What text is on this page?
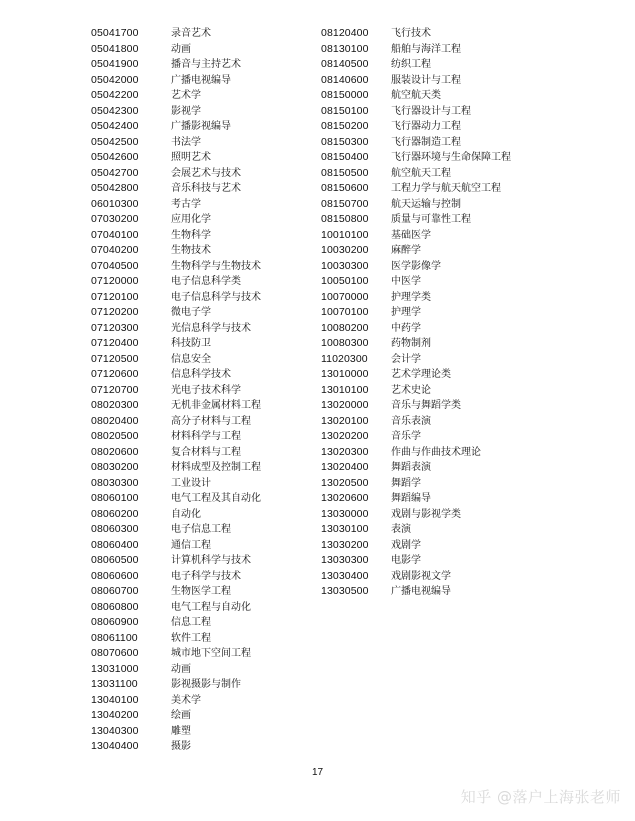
05041700	录音艺术
05041800	动画
05041900	播音与主持艺术
05042000	广播电视编导
05042200	艺术学
05042300	影视学
05042400	广播影视编导
05042500	书法学
05042600	照明艺术
05042700	会展艺术与技术
05042800	音乐科技与艺术
06010300	考古学
07030200	应用化学
07040100	生物科学
07040200	生物技术
07040500	生物科学与生物技术
07120000	电子信息科学类
07120100	电子信息科学与技术
07120200	微电子学
07120300	光信息科学与技术
07120400	科技防卫
07120500	信息安全
07120600	信息科学技术
07120700	光电子技术科学
08020300	无机非金属材料工程
08020400	高分子材料与工程
08020500	材料科学与工程
08020600	复合材料与工程
08030200	材料成型及控制工程
08030300	工业设计
08060100	电气工程及其自动化
08060200	自动化
08060300	电子信息工程
08060400	通信工程
08060500	计算机科学与技术
08060600	电子科学与技术
08060700	生物医学工程
08060800	电气工程与自动化
08060900	信息工程
08061100	软件工程
08070600	城市地下空间工程
13031000	动画
13031100	影视摄影与制作
13040100	美术学
13040200	绘画
13040300	雕塑
13040400	摄影
08120400	飞行技术
08130100	船舶与海洋工程
08140500	纺织工程
08140600	服装设计与工程
08150000	航空航天类
08150100	飞行器设计与工程
08150200	飞行器动力工程
08150300	飞行器制造工程
08150400	飞行器环境与生命保障工程
08150500	航空航天工程
08150600	工程力学与航天航空工程
08150700	航天运输与控制
08150800	质量与可靠性工程
10010100	基础医学
10030200	麻醉学
10030300	医学影像学
10050100	中医学
10070000	护理学类
10070100	护理学
10080200	中药学
10080300	药物制剂
11020300	会计学
13010000	艺术学理论类
13010100	艺术史论
13020000	音乐与舞蹈学类
13020100	音乐表演
13020200	音乐学
13020300	作曲与作曲技术理论
13020400	舞蹈表演
13020500	舞蹈学
13020600	舞蹈编导
13030000	戏剧与影视学类
13030100	表演
13030200	戏剧学
13030300	电影学
13030400	戏剧影视文学
13030500	广播电视编导
17
知乎 @落户上海张老师
